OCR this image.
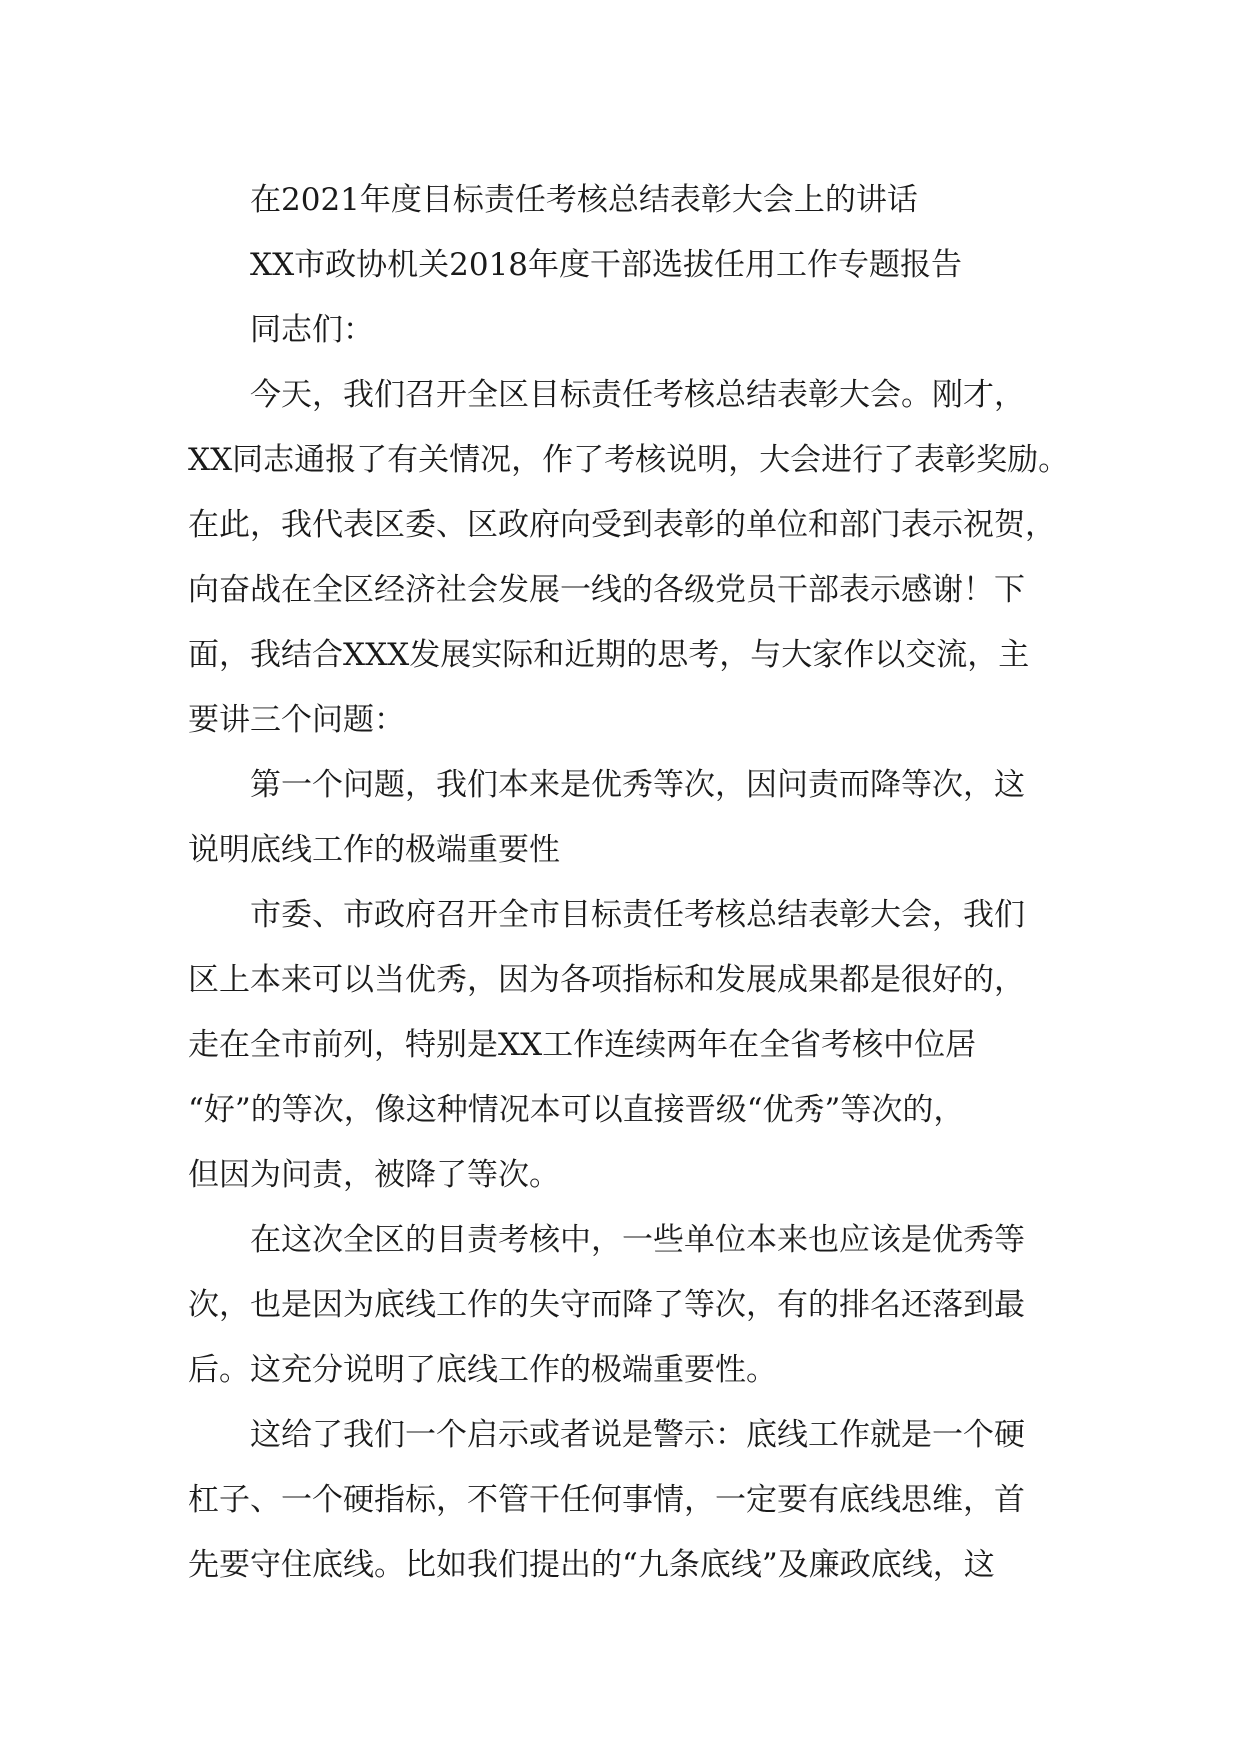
在2021年度目标责任考核总结表彰大会上的讲话
XX市政协机关2018年度干部选拔任用工作专题报告
同志们：
今天，我们召开全区目标责任考核总结表彰大会。刚才，
XX同志通报了有关情况，作了考核说明，大会进行了表彰奖励。
在此，我代表区委、区政府向受到表彰的单位和部门表示祝贺，
向奋战在全区经济社会发展一线的各级党员干部表示感谢！下
面，我结合XXX发展实际和近期的思考，与大家作以交流，主
要讲三个问题：
第一个问题，我们本来是优秀等次，因问责而降等次，这
说明底线工作的极端重要性
市委、市政府召开全市目标责任考核总结表彰大会，我们
区上本来可以当优秀，因为各项指标和发展成果都是很好的，
走在全市前列，特别是XX工作连续两年在全省考核中位居
“好”的等次，像这种情况本可以直接晋级“优秀”等次的，
但因为问责，被降了等次。
在这次全区的目责考核中，一些单位本来也应该是优秀等
次，也是因为底线工作的失守而降了等次，有的排名还落到最
后。这充分说明了底线工作的极端重要性。
这给了我们一个启示或者说是警示：底线工作就是一个硬
杠子、一个硬指标，不管干任何事情，一定要有底线思维，首
先要守住底线。比如我们提出的“九条底线”及廉政底线，这
